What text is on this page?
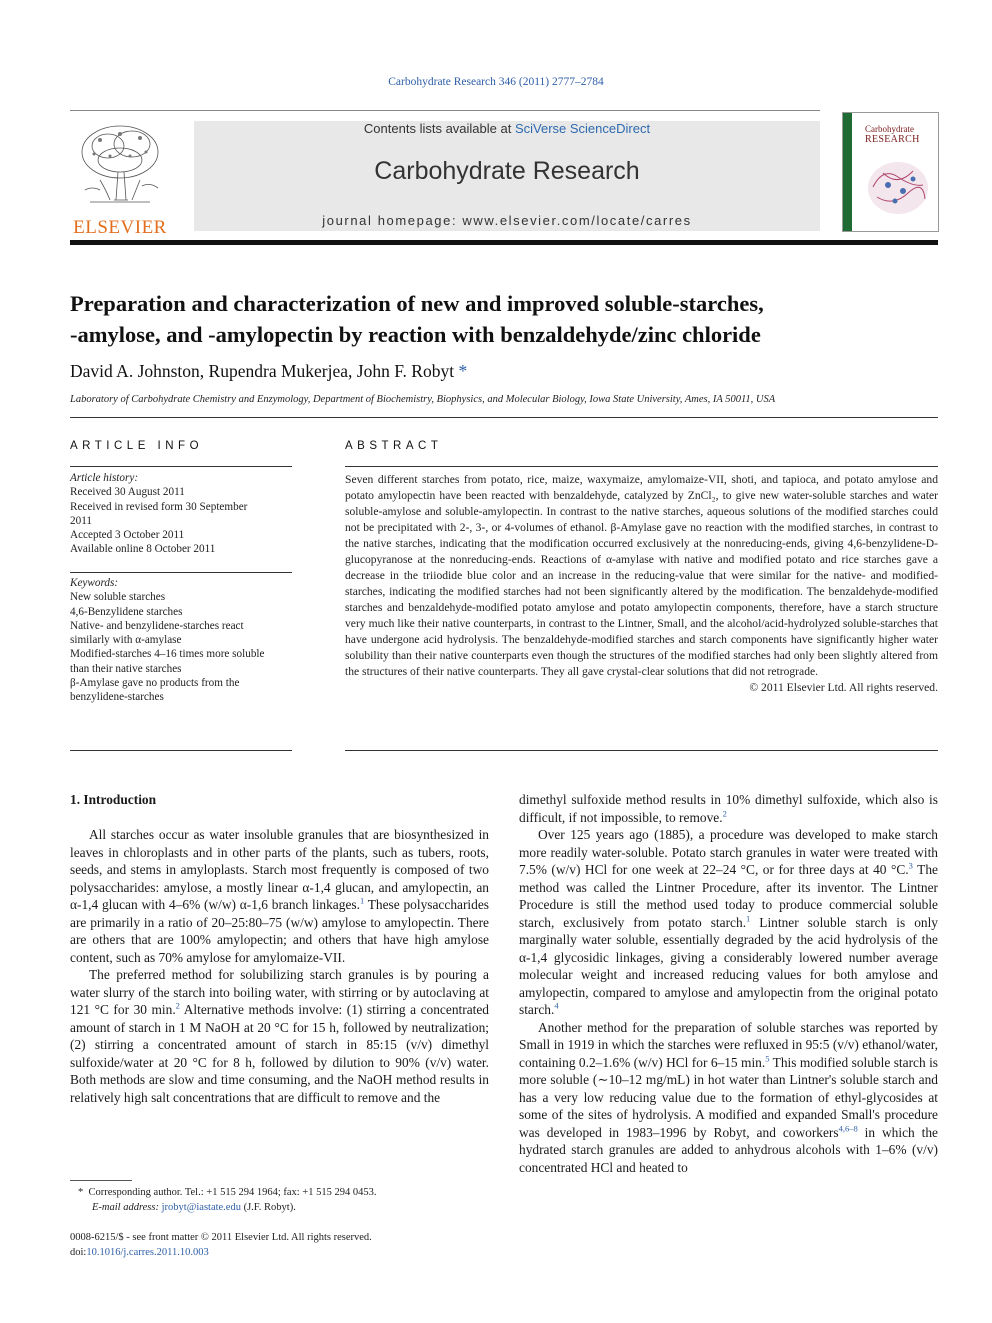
Carbohydrate Research 346 (2011) 2777–2784
ELSEVIER
Contents lists available at SciVerse ScienceDirect
Carbohydrate Research
journal homepage: www.elsevier.com/locate/carres
Carbohydrate
RESEARCH
Preparation and characterization of new and improved soluble-starches,
-amylose, and -amylopectin by reaction with benzaldehyde/zinc chloride
David A. Johnston, Rupendra Mukerjea, John F. Robyt *
Laboratory of Carbohydrate Chemistry and Enzymology, Department of Biochemistry, Biophysics, and Molecular Biology, Iowa State University, Ames, IA 50011, USA
ARTICLE INFO
Article history:
Received 30 August 2011
Received in revised form 30 September
2011
Accepted 3 October 2011
Available online 8 October 2011
Keywords:
New soluble starches
4,6-Benzylidene starches
Native- and benzylidene-starches react
similarly with α-amylase
Modified-starches 4–16 times more soluble
than their native starches
β-Amylase gave no products from the
benzylidene-starches
ABSTRACT
Seven different starches from potato, rice, maize, waxymaize, amylomaize-VII, shoti, and tapioca, and potato amylose and potato amylopectin have been reacted with benzaldehyde, catalyzed by ZnCl₂, to give new water-soluble starches and water soluble-amylose and soluble-amylopectin. In contrast to the native starches, aqueous solutions of the modified starches could not be precipitated with 2-, 3-, or 4-volumes of ethanol. β-Amylase gave no reaction with the modified starches, in contrast to the native starches, indicating that the modification occurred exclusively at the nonreducing-ends, giving 4,6-benzylidene-D-glucopyranose at the nonreducing-ends. Reactions of α-amylase with native and modified potato and rice starches gave a decrease in the triiodide blue color and an increase in the reducing-value that were similar for the native- and modified-starches, indicating the modified starches had not been significantly altered by the modification. The benzaldehyde-modified starches and benzaldehyde-modified potato amylose and potato amylopectin components, therefore, have a starch structure very much like their native counterparts, in contrast to the Lintner, Small, and the alcohol/acid-hydrolyzed soluble-starches that have undergone acid hydrolysis. The benzaldehyde-modified starches and starch components have significantly higher water solubility than their native counterparts even though the structures of the modified starches had only been slightly altered from the structures of their native counterparts. They all gave crystal-clear solutions that did not retrograde.
© 2011 Elsevier Ltd. All rights reserved.
1. Introduction

All starches occur as water insoluble granules that are biosynthesized in leaves in chloroplasts and in other parts of the plants, such as tubers, roots, seeds, and stems in amyloplasts. Starch most frequently is composed of two polysaccharides: amylose, a mostly linear α-1,4 glucan, and amylopectin, an α-1,4 glucan with 4–6% (w/w) α-1,6 branch linkages.$^1$ These polysaccharides are primarily in a ratio of 20–25:80–75 (w/w) amylose to amylopectin. There are others that are 100% amylopectin; and others that have high amylose content, such as 70% amylose for amylomaize-VII.

The preferred method for solubilizing starch granules is by pouring a water slurry of the starch into boiling water, with stirring or by autoclaving at 121 °C for 30 min.$^2$ Alternative methods involve: (1) stirring a concentrated amount of starch in 1 M NaOH at 20 °C for 15 h, followed by neutralization; (2) stirring a concentrated amount of starch in 85:15 (v/v) dimethyl sulfoxide/water at 20 °C for 8 h, followed by dilution to 90% (v/v) water. Both methods are slow and time consuming, and the NaOH method results in relatively high salt concentrations that are difficult to remove and the

dimethyl sulfoxide method results in 10% dimethyl sulfoxide, which also is difficult, if not impossible, to remove.$^2$

Over 125 years ago (1885), a procedure was developed to make starch more readily water-soluble. Potato starch granules in water were treated with 7.5% (w/v) HCl for one week at 22–24 °C, or for three days at 40 °C.$^3$ The method was called the Lintner Procedure, after its inventor. The Lintner Procedure is still the method used today to produce commercial soluble starch, exclusively from potato starch.$^1$ Lintner soluble starch is only marginally water soluble, essentially degraded by the acid hydrolysis of the α-1,4 glycosidic linkages, giving a considerably lowered number average molecular weight and increased reducing values for both amylose and amylopectin, compared to amylose and amylopectin from the original potato starch.$^4$

Another method for the preparation of soluble starches was reported by Small in 1919 in which the starches were refluxed in 95:5 (v/v) ethanol/water, containing 0.2–1.6% (w/v) HCl for 6–15 min.$^5$ This modified soluble starch is more soluble (∼10–12 mg/mL) in hot water than Lintner's soluble starch and has a very low reducing value due to the formation of ethyl-glycosides at some of the sites of hydrolysis. A modified and expanded Small's procedure was developed in 1983–1996 by Robyt, and coworkers$^{4,6-8}$ in which the hydrated starch granules are added to anhydrous alcohols with 1–6% (v/v) concentrated HCl and heated to

* Corresponding author. Tel.: +1 515 294 1964; fax: +1 515 294 0453.
E-mail address: jrobyt@iastate.edu (J.F. Robyt).
0008-6215/$ - see front matter © 2011 Elsevier Ltd. All rights reserved.
doi:10.1016/j.carres.2011.10.003
